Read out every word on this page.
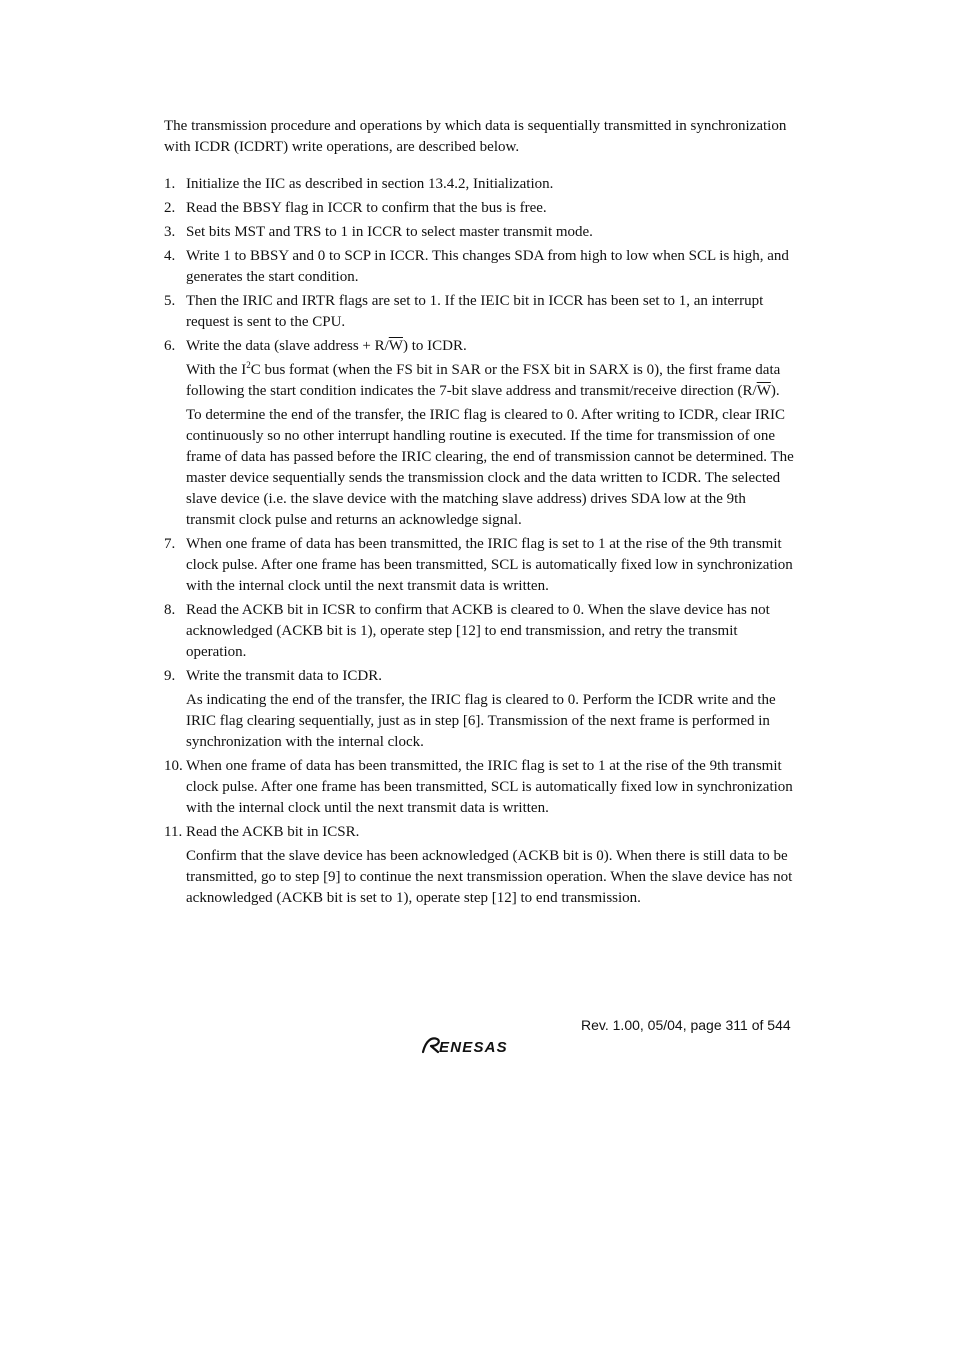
The transmission procedure and operations by which data is sequentially transmitted in synchronization with ICDR (ICDRT) write operations, are described below.

1. Initialize the IIC as described in section 13.4.2, Initialization.
2. Read the BBSY flag in ICCR to confirm that the bus is free.
3. Set bits MST and TRS to 1 in ICCR to select master transmit mode.
4. Write 1 to BBSY and 0 to SCP in ICCR. This changes SDA from high to low when SCL is high, and generates the start condition.
5. Then the IRIC and IRTR flags are set to 1. If the IEIC bit in ICCR has been set to 1, an interrupt request is sent to the CPU.
6. Write the data (slave address + $R/\overline{W}$) to ICDR.

With the $I^2C$ bus format (when the FS bit in SAR or the FSX bit in SARX is 0), the first frame data following the start condition indicates the 7-bit slave address and transmit/receive direction $(R/\overline{W})$.

To determine the end of the transfer, the IRIC flag is cleared to 0. After writing to ICDR, clear IRIC continuously so no other interrupt handling routine is executed. If the time for transmission of one frame of data has passed before the IRIC clearing, the end of transmission cannot be determined. The master device sequentially sends the transmission clock and the data written to ICDR. The selected slave device (i.e. the slave device with the matching slave address) drives SDA low at the 9th transmit clock pulse and returns an acknowledge signal.

7. When one frame of data has been transmitted, the IRIC flag is set to 1 at the rise of the 9th transmit clock pulse. After one frame has been transmitted, SCL is automatically fixed low in synchronization with the internal clock until the next transmit data is written.
8. Read the ACKB bit in ICSR to confirm that ACKB is cleared to 0. When the slave device has not acknowledged (ACKB bit is 1), operate step [12] to end transmission, and retry the transmit operation.
9. Write the transmit data to ICDR.

As indicating the end of the transfer, the IRIC flag is cleared to 0. Perform the ICDR write and the IRIC flag clearing sequentially, just as in step [6]. Transmission of the next frame is performed in synchronization with the internal clock.

10. When one frame of data has been transmitted, the IRIC flag is set to 1 at the rise of the 9th transmit clock pulse. After one frame has been transmitted, SCL is automatically fixed low in synchronization with the internal clock until the next transmit data is written.
11. Read the ACKB bit in ICSR.

Confirm that the slave device has been acknowledged (ACKB bit is 0). When there is still data to be transmitted, go to step [9] to continue the next transmission operation. When the slave device has not acknowledged (ACKB bit is set to 1), operate step [12] to end transmission.

Rev. 1.00, 05/04, page 311 of 544
ENESAS
